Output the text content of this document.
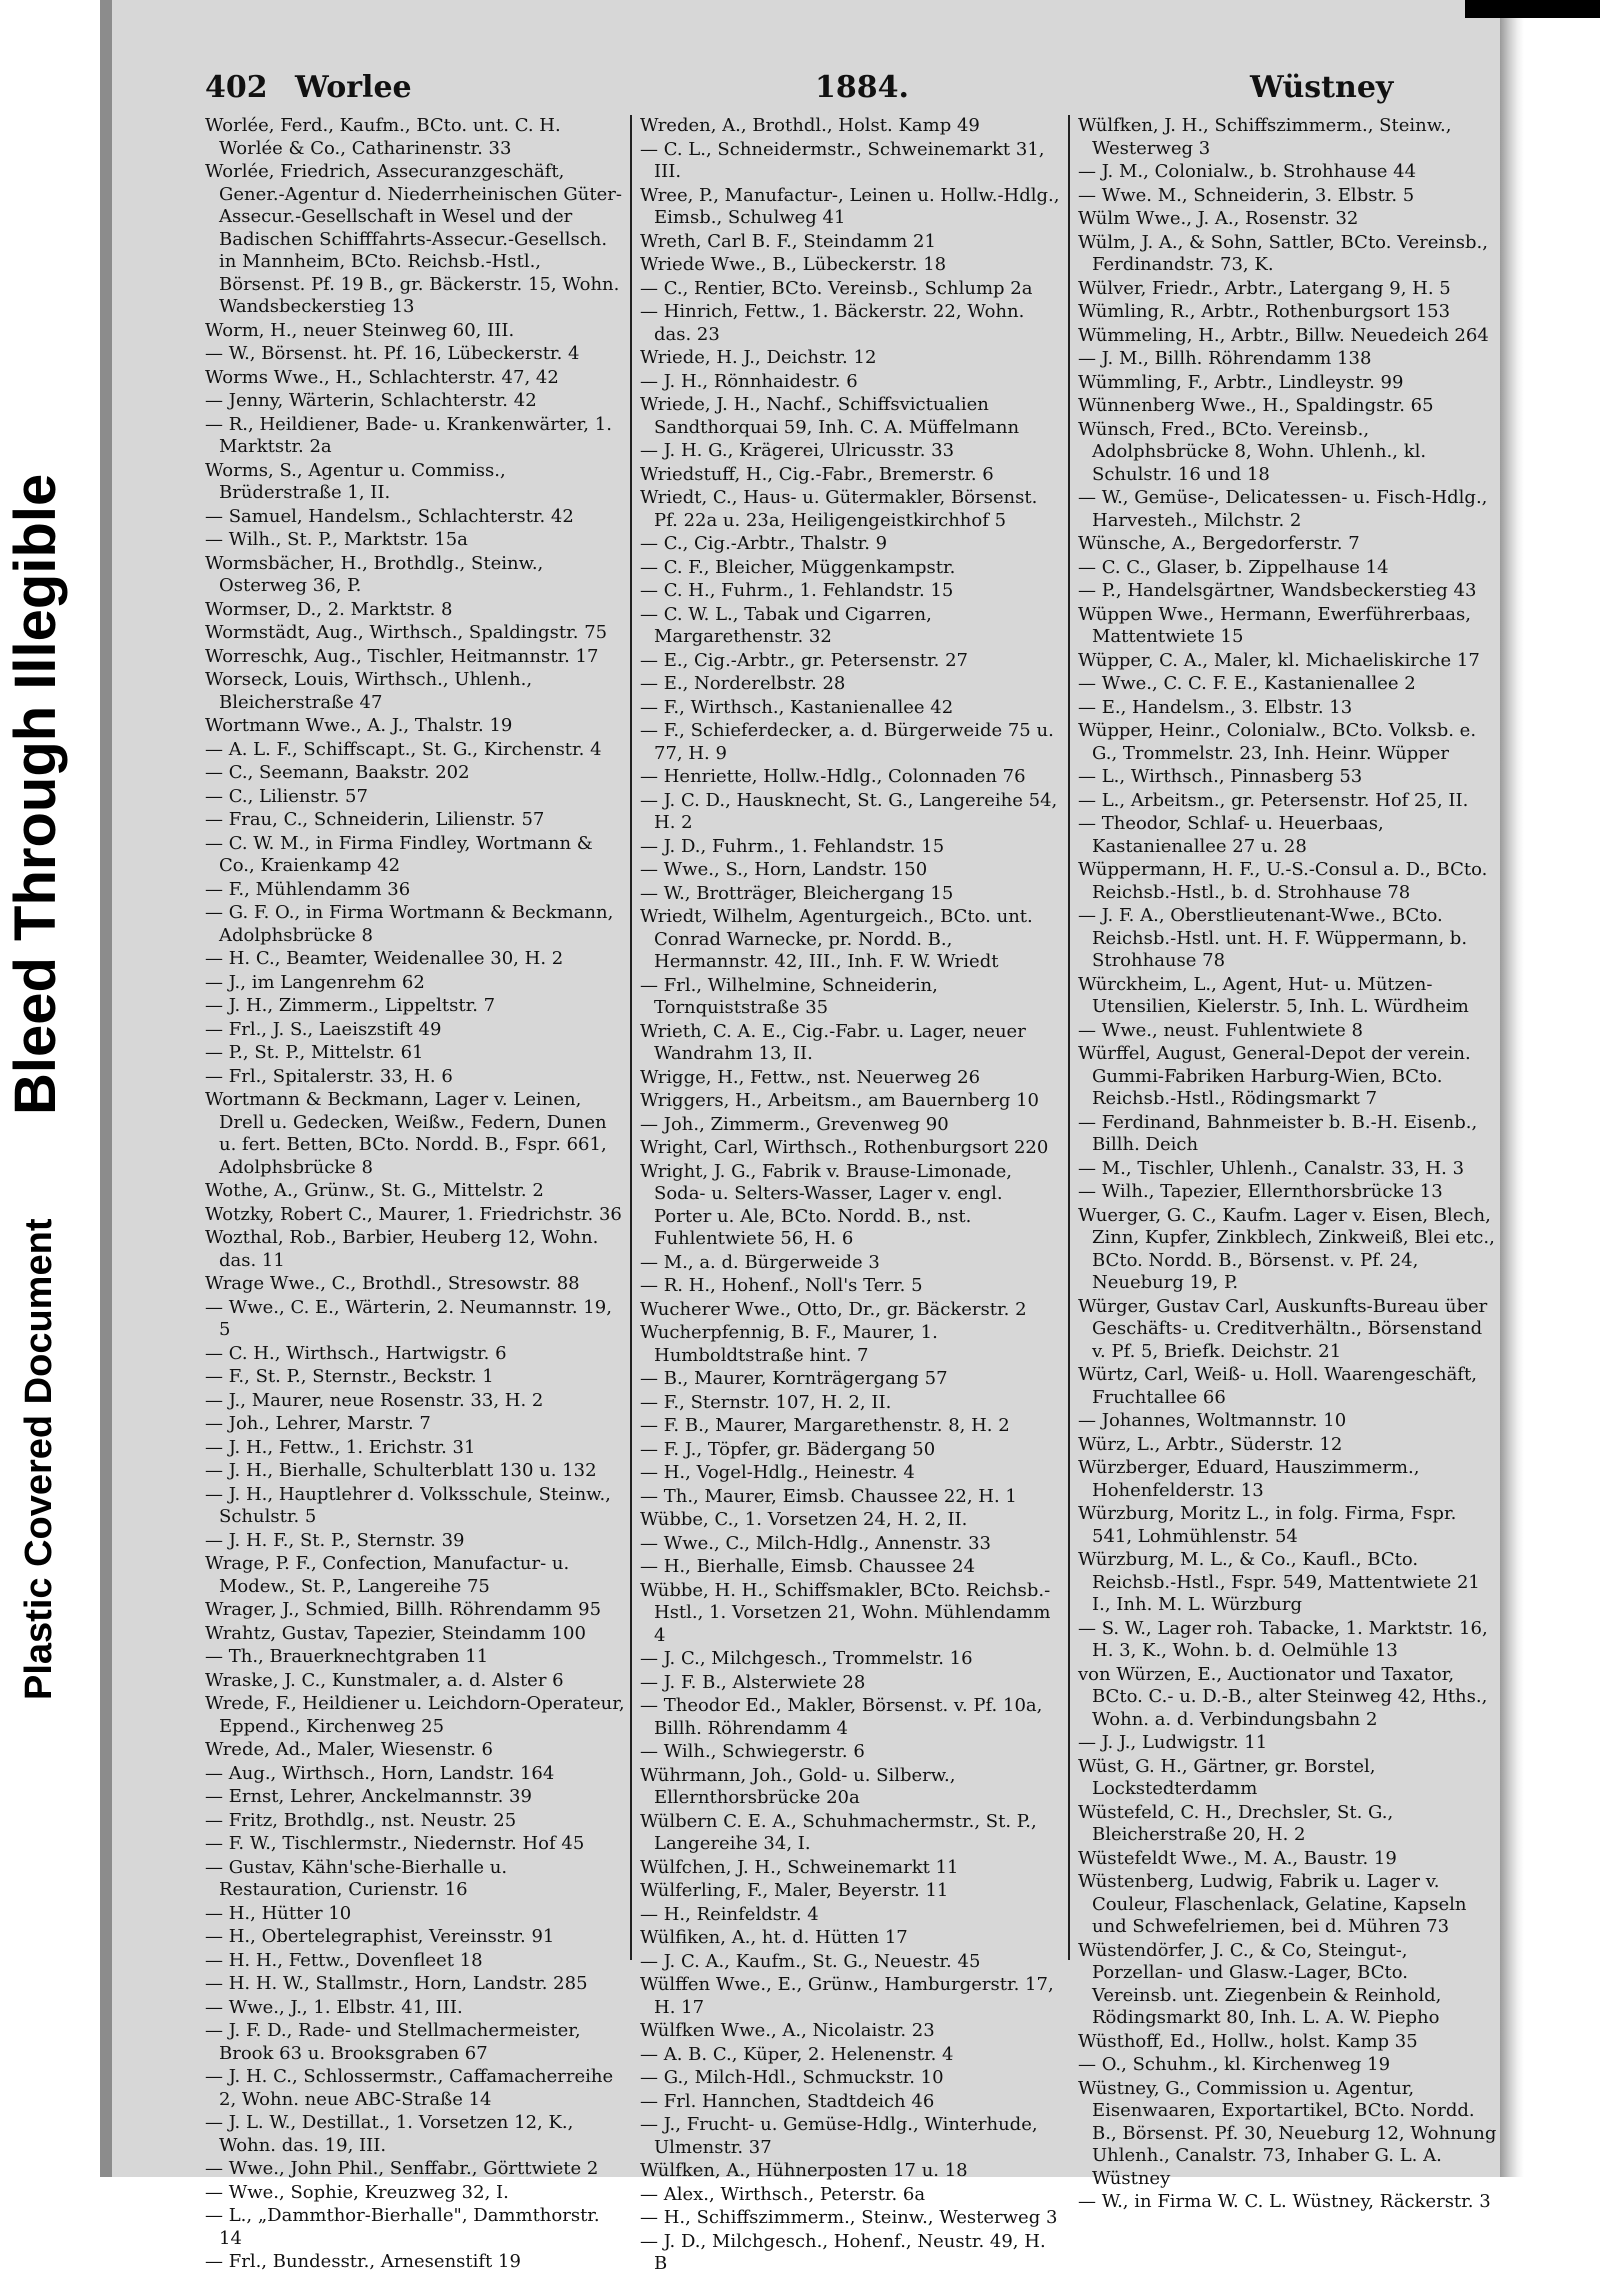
Bleed Through Illegible
Plastic Covered Document
402 Worlee	1884.	Wüstney
Worlée, Ferd., Kaufm., BCto. unt. C. H. Worlée & Co., Catharinenstr. 33
Worlée, Friedrich, Assecuranzgeschäft, Gener.-Agentur d. Niederrheinischen Güter-Assecur.-Gesellschaft in Wesel und der Badischen Schifffahrts-Assecur.-Gesellsch. in Mannheim, BCto. Reichsb.-Hstl., Börsenst. Pf. 19 B., gr. Bäckerstr. 15, Wohn. Wandsbeckerstieg 13
Worm, H., neuer Steinweg 60, III.
— W., Börsenst. ht. Pf. 16, Lübeckerstr. 4
Worms Wwe., H., Schlachterstr. 47, 42
— Jenny, Wärterin, Schlachterstr. 42
— R., Heildiener, Bade- u. Krankenwärter, 1. Marktstr. 2a
Worms, S., Agentur u. Commiss., Brüderstraße 1, II.
— Samuel, Handelsm., Schlachterstr. 42
— Wilh., St. P., Marktstr. 15a
Wormsbächer, H., Brothdlg., Steinw., Osterweg 36, P.
Wormser, D., 2. Marktstr. 8
Wormstädt, Aug., Wirthsch., Spaldingstr. 75
Worreschk, Aug., Tischler, Heitmannstr. 17
Worseck, Louis, Wirthsch., Uhlenh., Bleicherstraße 47
Wortmann Wwe., A. J., Thalstr. 19
— A. L. F., Schiffscapt., St. G., Kirchenstr. 4
— C., Seemann, Baakstr. 202
— C., Lilienstr. 57
— Frau, C., Schneiderin, Lilienstr. 57
— C. W. M., in Firma Findley, Wortmann & Co., Kraienkamp 42
— F., Mühlendamm 36
— G. F. O., in Firma Wortmann & Beckmann, Adolphsbrücke 8
— H. C., Beamter, Weidenallee 30, H. 2
— J., im Langenrehm 62
— J. H., Zimmerm., Lippeltstr. 7
— Frl., J. S., Laeiszstift 49
— P., St. P., Mittelstr. 61
— Frl., Spitalerstr. 33, H. 6
Wortmann & Beckmann, Lager v. Leinen, Drell u. Gedecken, Weißw., Federn, Dunen u. fert. Betten, BCto. Nordd. B., Fspr. 661, Adolphsbrücke 8
Wothe, A., Grünw., St. G., Mittelstr. 2
Wotzky, Robert C., Maurer, 1. Friedrichstr. 36
Wozthal, Rob., Barbier, Heuberg 12, Wohn. das. 11
Wrage Wwe., C., Brothdl., Stresowstr. 88
— Wwe., C. E., Wärterin, 2. Neumannstr. 19, 5
— C. H., Wirthsch., Hartwigstr. 6
— F., St. P., Sternstr., Beckstr. 1
— J., Maurer, neue Rosenstr. 33, H. 2
— Joh., Lehrer, Marstr. 7
— J. H., Fettw., 1. Erichstr. 31
— J. H., Bierhalle, Schulterblatt 130 u. 132
— J. H., Hauptlehrer d. Volksschule, Steinw., Schulstr. 5
— J. H. F., St. P., Sternstr. 39
Wrage, P. F., Confection, Manufactur- u. Modew., St. P., Langereihe 75
Wrager, J., Schmied, Billh. Röhrendamm 95
Wrahtz, Gustav, Tapezier, Steindamm 100
— Th., Brauerknechtgraben 11
Wraske, J. C., Kunstmaler, a. d. Alster 6
Wrede, F., Heildiener u. Leichdorn-Operateur, Eppend., Kirchenweg 25
Wrede, Ad., Maler, Wiesenstr. 6
— Aug., Wirthsch., Horn, Landstr. 164
— Ernst, Lehrer, Anckelmannstr. 39
— Fritz, Brothdlg., nst. Neustr. 25
— F. W., Tischlermstr., Niedernstr. Hof 45
— Gustav, Kähn'sche-Bierhalle u. Restauration, Curienstr. 16
— H., Hütter 10
— H., Obertelegraphist, Vereinsstr. 91
— H. H., Fettw., Dovenfleet 18
— H. H. W., Stallmstr., Horn, Landstr. 285
— Wwe., J., 1. Elbstr. 41, III.
— J. F. D., Rade- und Stellmachermeister, Brook 63 u. Brooksgraben 67
— J. H. C., Schlossermstr., Caffamacherreihe 2, Wohn. neue ABC-Straße 14
— J. L. W., Destillat., 1. Vorsetzen 12, K., Wohn. das. 19, III.
— Wwe., John Phil., Senffabr., Görttwiete 2
— Wwe., Sophie, Kreuzweg 32, I.
— L., „Dammthor-Bierhalle", Dammthorstr. 14
— Frl., Bundesstr., Arnesenstift 19
Wreden, A., Brothdl., Holst. Kamp 49
— C. L., Schneidermstr., Schweinemarkt 31, III.
Wree, P., Manufactur-, Leinen u. Hollw.-Hdlg., Eimsb., Schulweg 41
Wreth, Carl B. F., Steindamm 21
Wriede Wwe., B., Lübeckerstr. 18
— C., Rentier, BCto. Vereinsb., Schlump 2a
— Hinrich, Fettw., 1. Bäckerstr. 22, Wohn. das. 23
Wriede, H. J., Deichstr. 12
— J. H., Rönnhaidestr. 6
Wriede, J. H., Nachf., Schiffsvictualien Sandthorquai 59, Inh. C. A. Müffelmann
— J. H. G., Krägerei, Ulricusstr. 33
Wriedstuff, H., Cig.-Fabr., Bremerstr. 6
Wriedt, C., Haus- u. Gütermakler, Börsenst. Pf. 22a u. 23a, Heiligengeistkirchhof 5
— C., Cig.-Arbtr., Thalstr. 9
— C. F., Bleicher, Müggenkampstr.
— C. H., Fuhrm., 1. Fehlandstr. 15
— C. W. L., Tabak und Cigarren, Margarethenstr. 32
— E., Cig.-Arbtr., gr. Petersenstr. 27
— E., Norderelbstr. 28
— F., Wirthsch., Kastanienallee 42
— F., Schieferdecker, a. d. Bürgerweide 75 u. 77, H. 9
— Henriette, Hollw.-Hdlg., Colonnaden 76
— J. C. D., Hausknecht, St. G., Langereihe 54, H. 2
— J. D., Fuhrm., 1. Fehlandstr. 15
— Wwe., S., Horn, Landstr. 150
— W., Brotträger, Bleichergang 15
Wriedt, Wilhelm, Agenturgeich., BCto. unt. Conrad Warnecke, pr. Nordd. B., Hermannstr. 42, III., Inh. F. W. Wriedt
— Frl., Wilhelmine, Schneiderin, Tornquiststraße 35
Wrieth, C. A. E., Cig.-Fabr. u. Lager, neuer Wandrahm 13, II.
Wrigge, H., Fettw., nst. Neuerweg 26
Wriggers, H., Arbeitsm., am Bauernberg 10
— Joh., Zimmerm., Grevenweg 90
Wright, Carl, Wirthsch., Rothenburgsort 220
Wright, J. G., Fabrik v. Brause-Limonade, Soda- u. Selters-Wasser, Lager v. engl. Porter u. Ale, BCto. Nordd. B., nst. Fuhlentwiete 56, H. 6
— M., a. d. Bürgerweide 3
— R. H., Hohenf., Noll's Terr. 5
Wucherer Wwe., Otto, Dr., gr. Bäckerstr. 2
Wucherpfennig, B. F., Maurer, 1. Humboldtstraße hint. 7
— B., Maurer, Kornträgergang 57
— F., Sternstr. 107, H. 2, II.
— F. B., Maurer, Margarethenstr. 8, H. 2
— F. J., Töpfer, gr. Bädergang 50
— H., Vogel-Hdlg., Heinestr. 4
— Th., Maurer, Eimsb. Chaussee 22, H. 1
Wübbe, C., 1. Vorsetzen 24, H. 2, II.
— Wwe., C., Milch-Hdlg., Annenstr. 33
— H., Bierhalle, Eimsb. Chaussee 24
Wübbe, H. H., Schiffsmakler, BCto. Reichsb.-Hstl., 1. Vorsetzen 21, Wohn. Mühlendamm 4
— J. C., Milchgesch., Trommelstr. 16
— J. F. B., Alsterwiete 28
— Theodor Ed., Makler, Börsenst. v. Pf. 10a, Billh. Röhrendamm 4
— Wilh., Schwiegerstr. 6
Wührmann, Joh., Gold- u. Silberw., Ellernthorsbrücke 20a
Wülbern C. E. A., Schuhmachermstr., St. P., Langereihe 34, I.
Wülfchen, J. H., Schweinemarkt 11
Wülferling, F., Maler, Beyerstr. 11
— H., Reinfeldstr. 4
Wülfiken, A., ht. d. Hütten 17
— J. C. A., Kaufm., St. G., Neuestr. 45
Wülffen Wwe., E., Grünw., Hamburgerstr. 17, H. 17
Wülfken Wwe., A., Nicolaistr. 23
— A. B. C., Küper, 2. Helenenstr. 4
— G., Milch-Hdl., Schmuckstr. 10
— Frl. Hannchen, Stadtdeich 46
— J., Frucht- u. Gemüse-Hdlg., Winterhude, Ulmenstr. 37
Wülfken, A., Hühnerposten 17 u. 18
— Alex., Wirthsch., Peterstr. 6a
— H., Schiffszimmerm., Steinw., Westerweg 3
— J. D., Milchgesch., Hohenf., Neustr. 49, H. B
Wülfken, J. H., Schiffszimmerm., Steinw., Westerweg 3
— J. M., Colonialw., b. Strohhause 44
— Wwe. M., Schneiderin, 3. Elbstr. 5
Wülm Wwe., J. A., Rosenstr. 32
Wülm, J. A., & Sohn, Sattler, BCto. Vereinsb., Ferdinandstr. 73, K.
Wülver, Friedr., Arbtr., Latergang 9, H. 5
Wümling, R., Arbtr., Rothenburgsort 153
Wümmeling, H., Arbtr., Billw. Neuedeich 264
— J. M., Billh. Röhrendamm 138
Wümmling, F., Arbtr., Lindleystr. 99
Wünnenberg Wwe., H., Spaldingstr. 65
Wünsch, Fred., BCto. Vereinsb., Adolphsbrücke 8, Wohn. Uhlenh., kl. Schulstr. 16 und 18
— W., Gemüse-, Delicatessen- u. Fisch-Hdlg., Harvesteh., Milchstr. 2
Wünsche, A., Bergedorferstr. 7
— C. C., Glaser, b. Zippelhause 14
— P., Handelsgärtner, Wandsbeckerstieg 43
Wüppen Wwe., Hermann, Ewerführerbaas, Mattentwiete 15
Wüpper, C. A., Maler, kl. Michaeliskirche 17
— Wwe., C. C. F. E., Kastanienallee 2
— E., Handelsm., 3. Elbstr. 13
Wüpper, Heinr., Colonialw., BCto. Volksb. e. G., Trommelstr. 23, Inh. Heinr. Wüpper
— L., Wirthsch., Pinnasberg 53
— L., Arbeitsm., gr. Petersenstr. Hof 25, II.
— Theodor, Schlaf- u. Heuerbaas, Kastanienallee 27 u. 28
Wüppermann, H. F., U.-S.-Consul a. D., BCto. Reichsb.-Hstl., b. d. Strohhause 78
— J. F. A., Oberstlieutenant-Wwe., BCto. Reichsb.-Hstl. unt. H. F. Wüppermann, b. Strohhause 78
Würckheim, L., Agent, Hut- u. Mützen-Utensilien, Kielerstr. 5, Inh. L. Würdheim
— Wwe., neust. Fuhlentwiete 8
Würffel, August, General-Depot der verein. Gummi-Fabriken Harburg-Wien, BCto. Reichsb.-Hstl., Rödingsmarkt 7
— Ferdinand, Bahnmeister b. B.-H. Eisenb., Billh. Deich
— M., Tischler, Uhlenh., Canalstr. 33, H. 3
— Wilh., Tapezier, Ellernthorsbrücke 13
Wuerger, G. C., Kaufm. Lager v. Eisen, Blech, Zinn, Kupfer, Zinkblech, Zinkweiß, Blei etc., BCto. Nordd. B., Börsenst. v. Pf. 24, Neueburg 19, P.
Würger, Gustav Carl, Auskunfts-Bureau über Geschäfts- u. Creditverhältn., Börsenstand v. Pf. 5, Briefk. Deichstr. 21
Würtz, Carl, Weiß- u. Holl. Waarengeschäft, Fruchtallee 66
— Johannes, Woltmannstr. 10
Würz, L., Arbtr., Süderstr. 12
Würzberger, Eduard, Hauszimmerm., Hohenfelderstr. 13
Würzburg, Moritz L., in folg. Firma, Fspr. 541, Lohmühlenstr. 54
Würzburg, M. L., & Co., Kaufl., BCto. Reichsb.-Hstl., Fspr. 549, Mattentwiete 21 I., Inh. M. L. Würzburg
— S. W., Lager roh. Tabacke, 1. Marktstr. 16, H. 3, K., Wohn. b. d. Oelmühle 13
von Würzen, E., Auctionator und Taxator, BCto. C.- u. D.-B., alter Steinweg 42, Hths., Wohn. a. d. Verbindungsbahn 2
— J. J., Ludwigstr. 11
Wüst, G. H., Gärtner, gr. Borstel, Lockstedterdamm
Wüstefeld, C. H., Drechsler, St. G., Bleicherstraße 20, H. 2
Wüstefeldt Wwe., M. A., Baustr. 19
Wüstenberg, Ludwig, Fabrik u. Lager v. Couleur, Flaschenlack, Gelatine, Kapseln und Schwefelriemen, bei d. Mühren 73
Wüstendörfer, J. C., & Co, Steingut-, Porzellan- und Glasw.-Lager, BCto. Vereinsb. unt. Ziegenbein & Reinhold, Rödingsmarkt 80, Inh. L. A. W. Piepho
Wüsthoff, Ed., Hollw., holst. Kamp 35
— O., Schuhm., kl. Kirchenweg 19
Wüstney, G., Commission u. Agentur, Eisenwaaren, Exportartikel, BCto. Nordd. B., Börsenst. Pf. 30, Neueburg 12, Wohnung Uhlenh., Canalstr. 73, Inhaber G. L. A. Wüstney
— W., in Firma W. C. L. Wüstney, Räckerstr. 3
